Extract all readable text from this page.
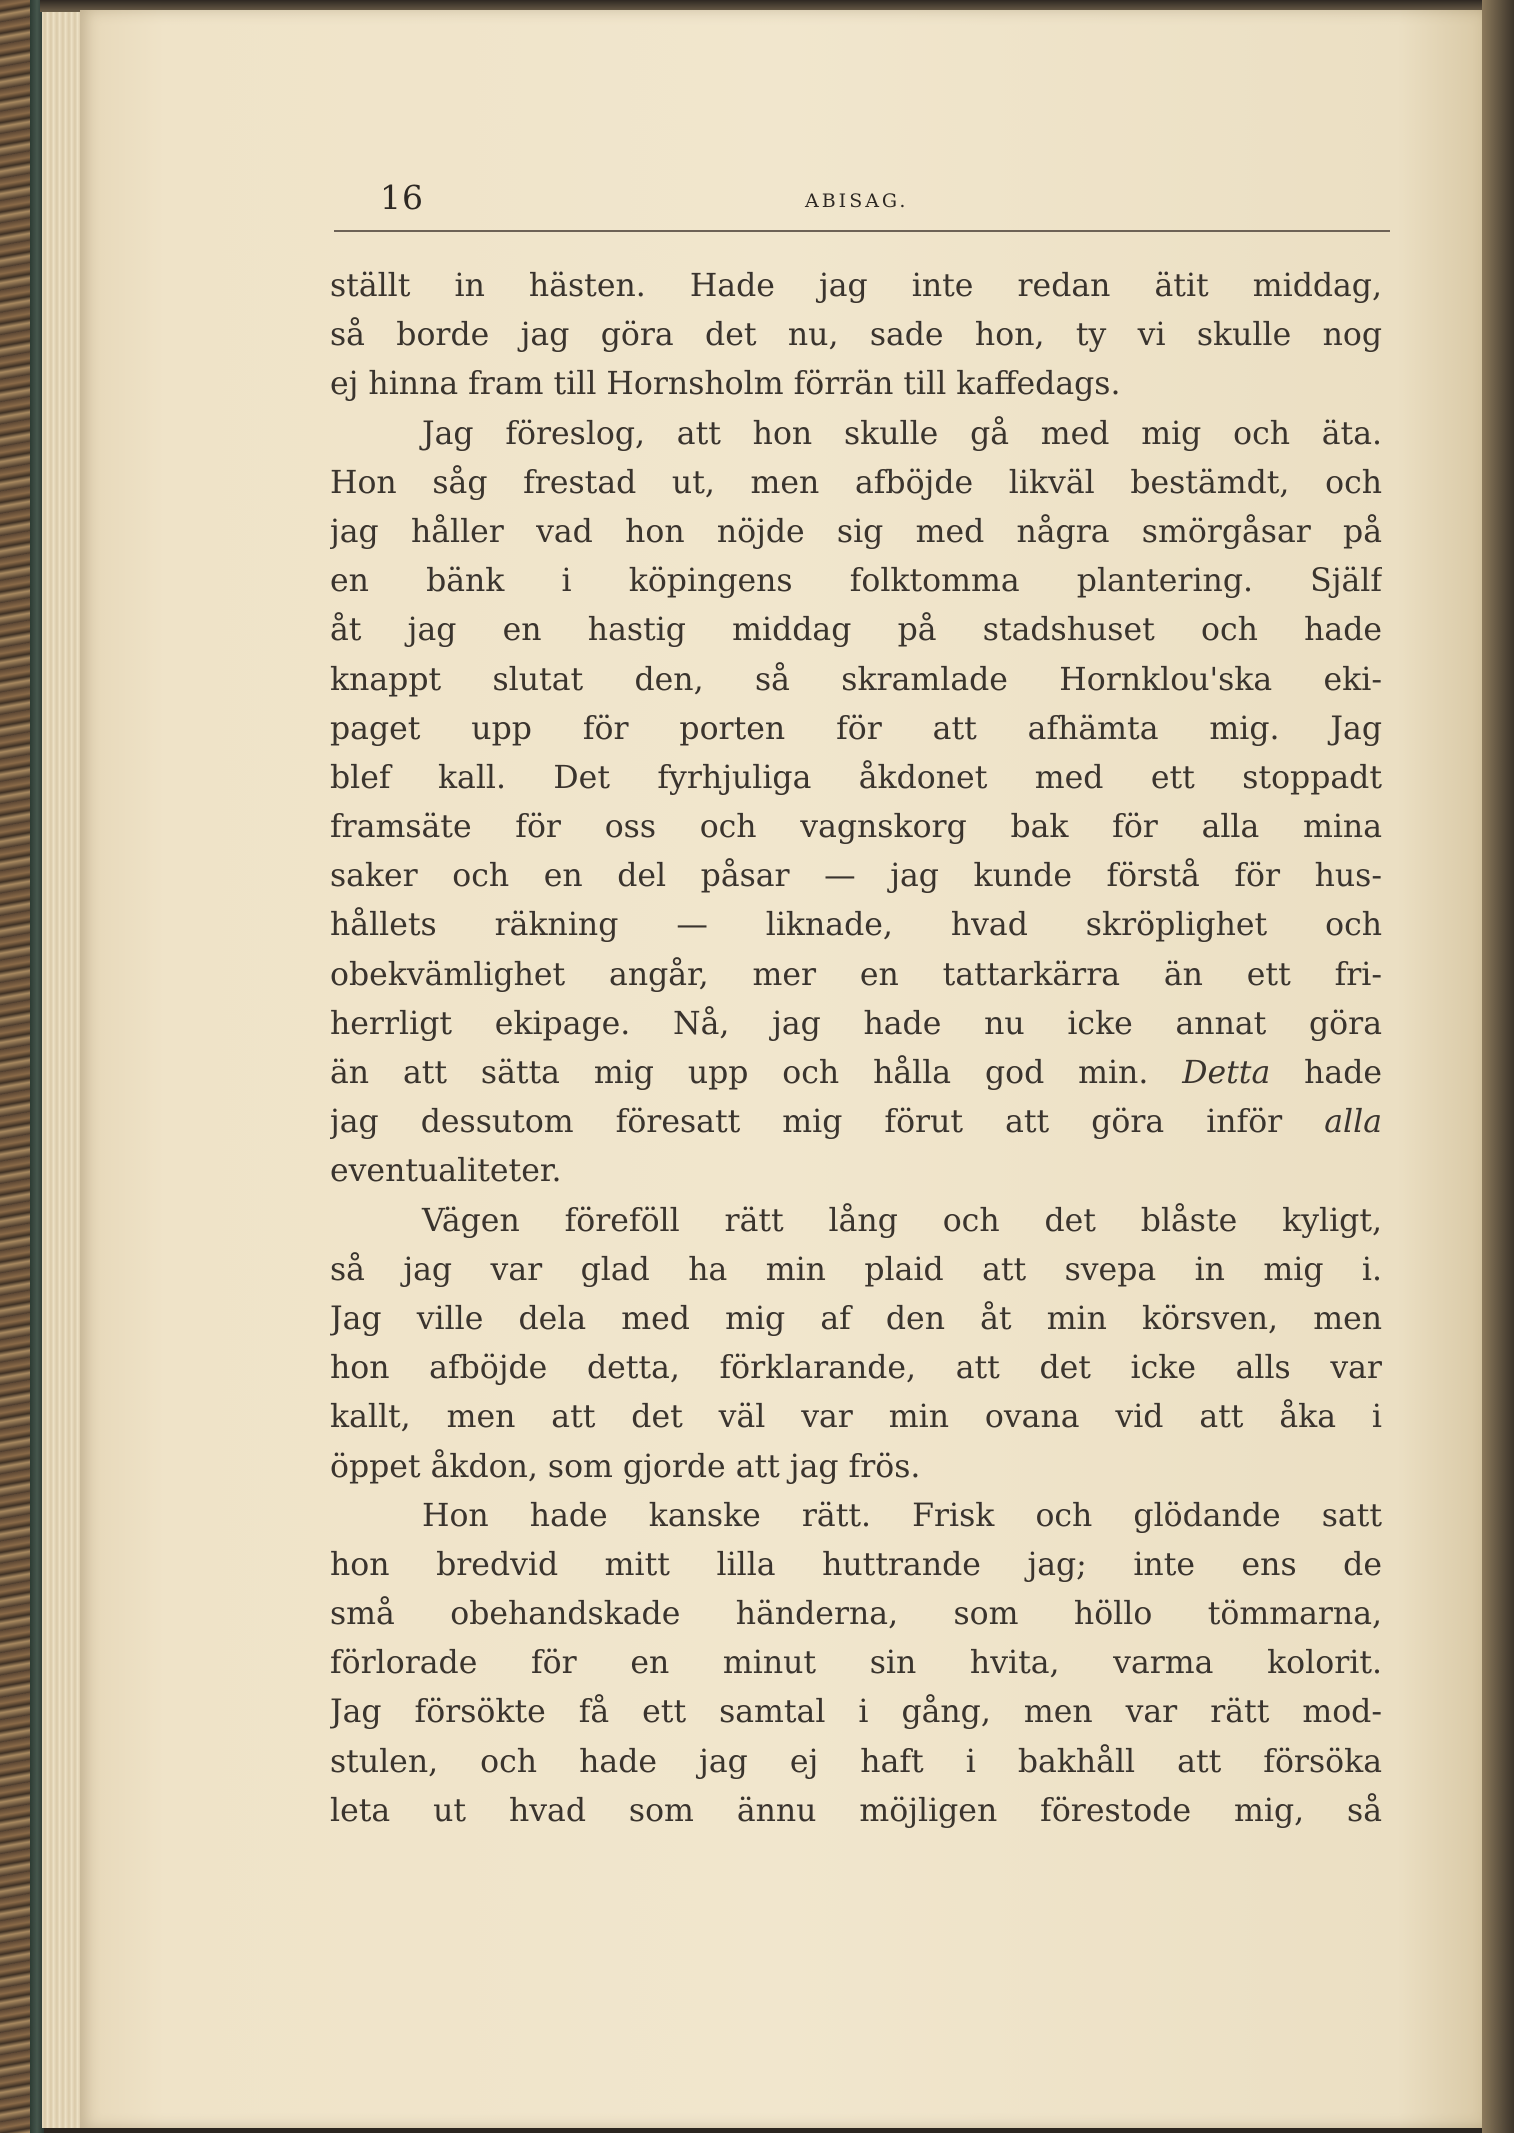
16	ABISAG.
ställt in hästen. Hade jag inte redan ätit middag,
så borde jag göra det nu, sade hon, ty vi skulle nog
ej hinna fram till Hornsholm förrän till kaffedags.
Jag föreslog, att hon skulle gå med mig och äta.
Hon såg frestad ut, men afböjde likväl bestämdt, och
jag håller vad hon nöjde sig med några smörgåsar på
en bänk i köpingens folktomma plantering. Själf
åt jag en hastig middag på stadshuset och hade
knappt slutat den, så skramlade Hornklou'ska eki-
paget upp för porten för att afhämta mig. Jag
blef kall. Det fyrhjuliga åkdonet med ett stoppadt
framsäte för oss och vagnskorg bak för alla mina
saker och en del påsar — jag kunde förstå för hus-
hållets räkning — liknade, hvad skröplighet och
obekvämlighet angår, mer en tattarkärra än ett fri-
herrligt ekipage. Nå, jag hade nu icke annat göra
än att sätta mig upp och hålla god min. Detta hade
jag dessutom föresatt mig förut att göra inför alla
eventualiteter.
Vägen föreföll rätt lång och det blåste kyligt,
så jag var glad ha min plaid att svepa in mig i.
Jag ville dela med mig af den åt min körsven, men
hon afböjde detta, förklarande, att det icke alls var
kallt, men att det väl var min ovana vid att åka i
öppet åkdon, som gjorde att jag frös.
Hon hade kanske rätt. Frisk och glödande satt
hon bredvid mitt lilla huttrande jag; inte ens de
små obehandskade händerna, som höllo tömmarna,
förlorade för en minut sin hvita, varma kolorit.
Jag försökte få ett samtal i gång, men var rätt mod-
stulen, och hade jag ej haft i bakhåll att försöka
leta ut hvad som ännu möjligen förestode mig, så
